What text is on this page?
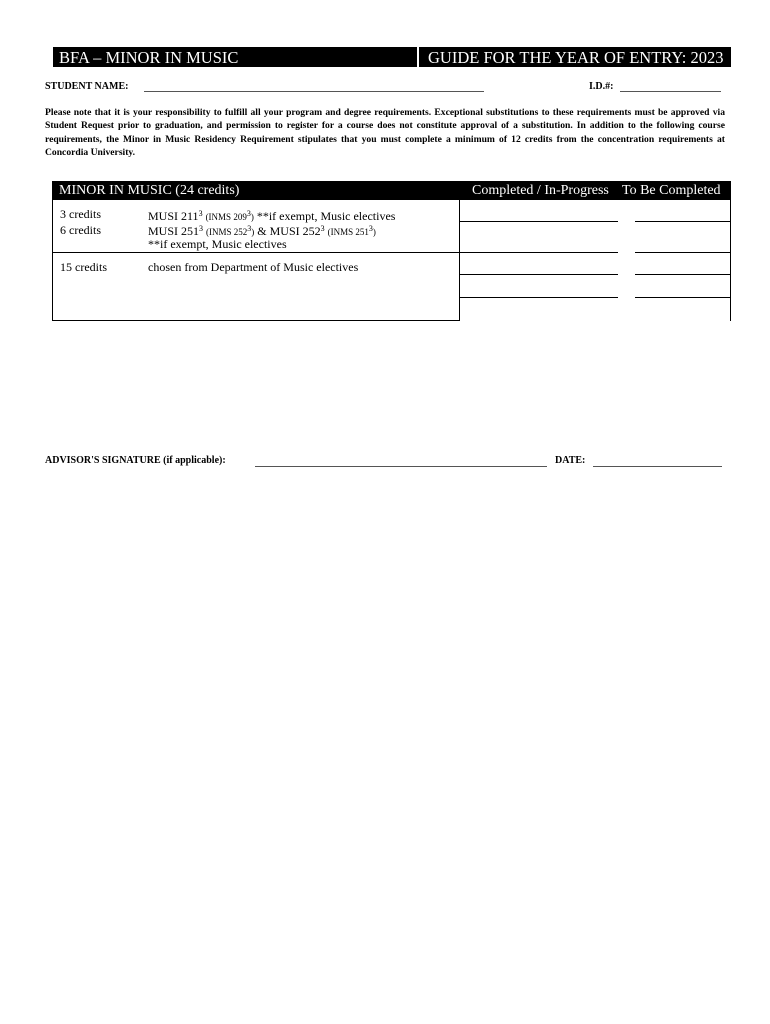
BFA – MINOR IN MUSIC	GUIDE FOR THE YEAR OF ENTRY: 2023
STUDENT NAME:	I.D.#:
Please note that it is your responsibility to fulfill all your program and degree requirements. Exceptional substitutions to these requirements must be approved via Student Request prior to graduation, and permission to register for a course does not constitute approval of a substitution. In addition to the following course requirements, the Minor in Music Residency Requirement stipulates that you must complete a minimum of 12 credits from the concentration requirements at Concordia University.
MINOR IN MUSIC (24 credits)	Completed / In-Progress To Be Completed
3 credits	MUSI $211^3$ (INMS 2093) **if exempt, Music electives
6 credits	MUSI $251^3$ (INMS 2523) & MUSI $252^3$ (INMS 2513)
**if exempt, Music electives
15 credits	chosen from Department of Music electives
ADVISOR'S SIGNATURE (if applicable):	DATE:
